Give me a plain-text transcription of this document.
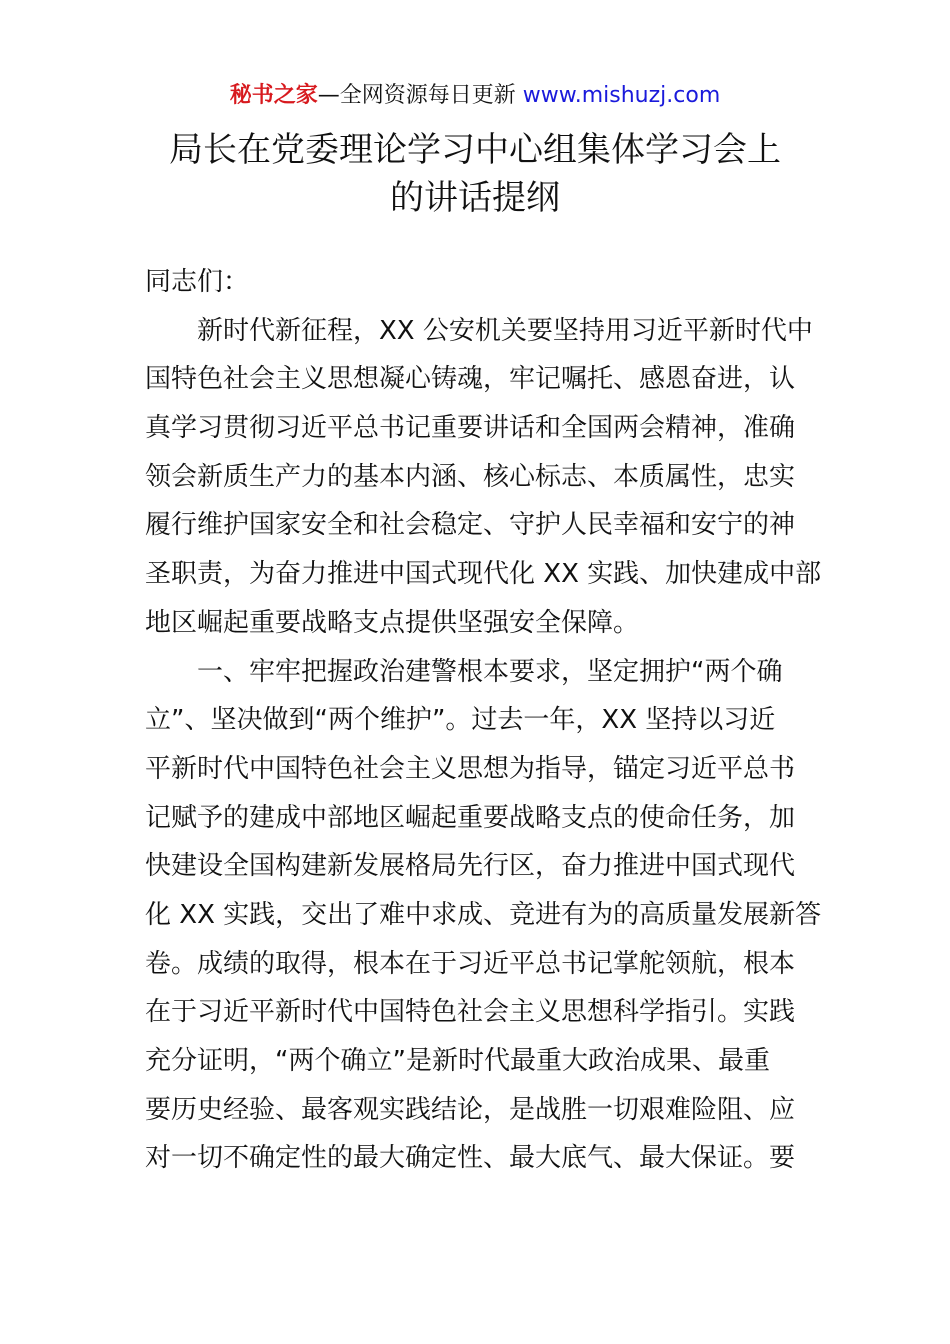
秘书之家—全网资源每日更新 www.mishuzj.com
局长在党委理论学习中心组集体学习会上
的讲话提纲
同志们：
　　新时代新征程，XX 公安机关要坚持用习近平新时代中
国特色社会主义思想凝心铸魂，牢记嘱托、感恩奋进，认
真学习贯彻习近平总书记重要讲话和全国两会精神，准确
领会新质生产力的基本内涵、核心标志、本质属性，忠实
履行维护国家安全和社会稳定、守护人民幸福和安宁的神
圣职责，为奋力推进中国式现代化 XX 实践、加快建成中部
地区崛起重要战略支点提供坚强安全保障。
　　一、牢牢把握政治建警根本要求，坚定拥护“两个确
立”、坚决做到“两个维护”。过去一年，XX 坚持以习近
平新时代中国特色社会主义思想为指导，锚定习近平总书
记赋予的建成中部地区崛起重要战略支点的使命任务，加
快建设全国构建新发展格局先行区，奋力推进中国式现代
化 XX 实践，交出了难中求成、竞进有为的高质量发展新答
卷。成绩的取得，根本在于习近平总书记掌舵领航，根本
在于习近平新时代中国特色社会主义思想科学指引。实践
充分证明，“两个确立”是新时代最重大政治成果、最重
要历史经验、最客观实践结论，是战胜一切艰难险阻、应
对一切不确定性的最大确定性、最大底气、最大保证。要
